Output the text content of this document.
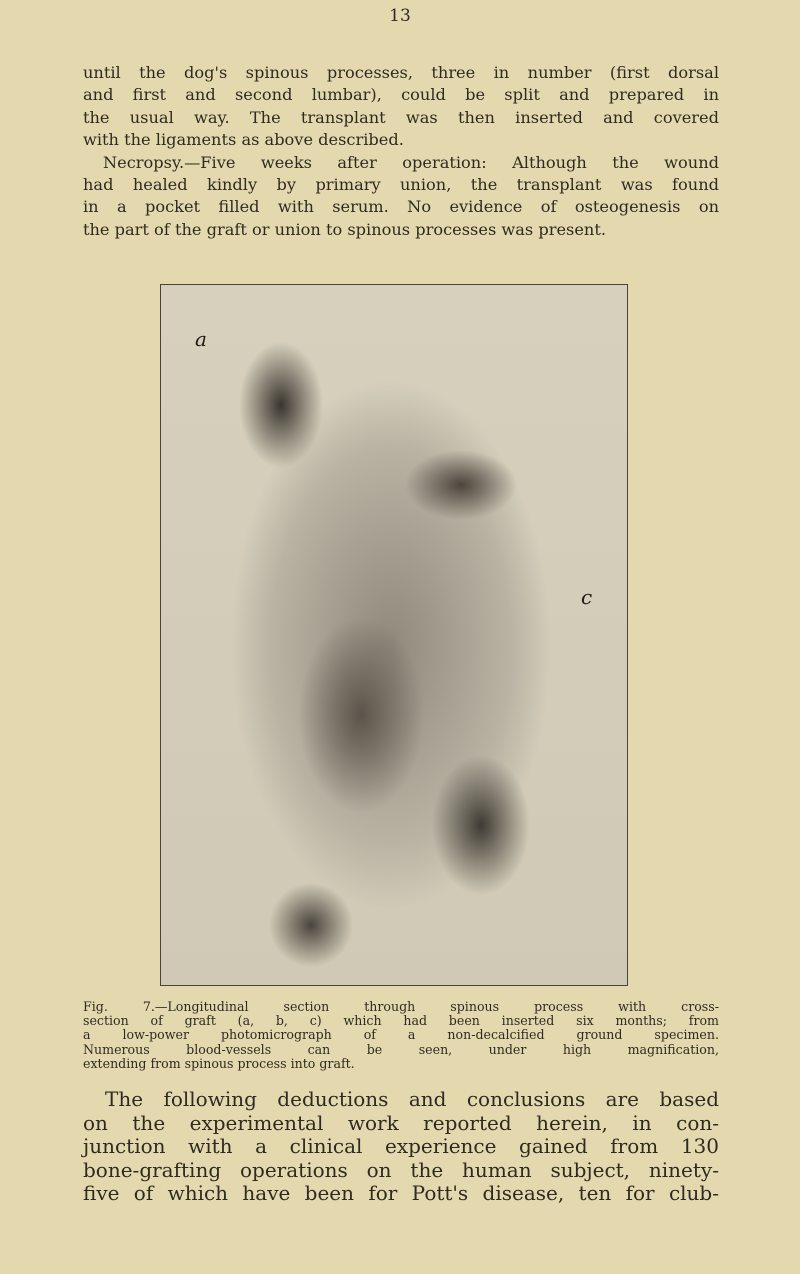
13
until the dog's spinous processes, three in number (first dorsal
and first and second lumbar), could be split and prepared in
the usual way. The transplant was then inserted and covered
with the ligaments as above described.
Necropsy.—Five weeks after operation: Although the wound
had healed kindly by primary union, the transplant was found
in a pocket filled with serum. No evidence of osteogenesis on
the part of the graft or union to spinous processes was present.
a
c
Fig. 7.—Longitudinal section through spinous process with cross-
section of graft (a, b, c) which had been inserted six months; from
a low-power photomicrograph of a non-decalcified ground specimen.
Numerous blood-vessels can be seen, under high magnification,
extending from spinous process into graft.
The following deductions and conclusions are based
on the experimental work reported herein, in con-
junction with a clinical experience gained from 130
bone-grafting operations on the human subject, ninety-
five of which have been for Pott's disease, ten for club-
